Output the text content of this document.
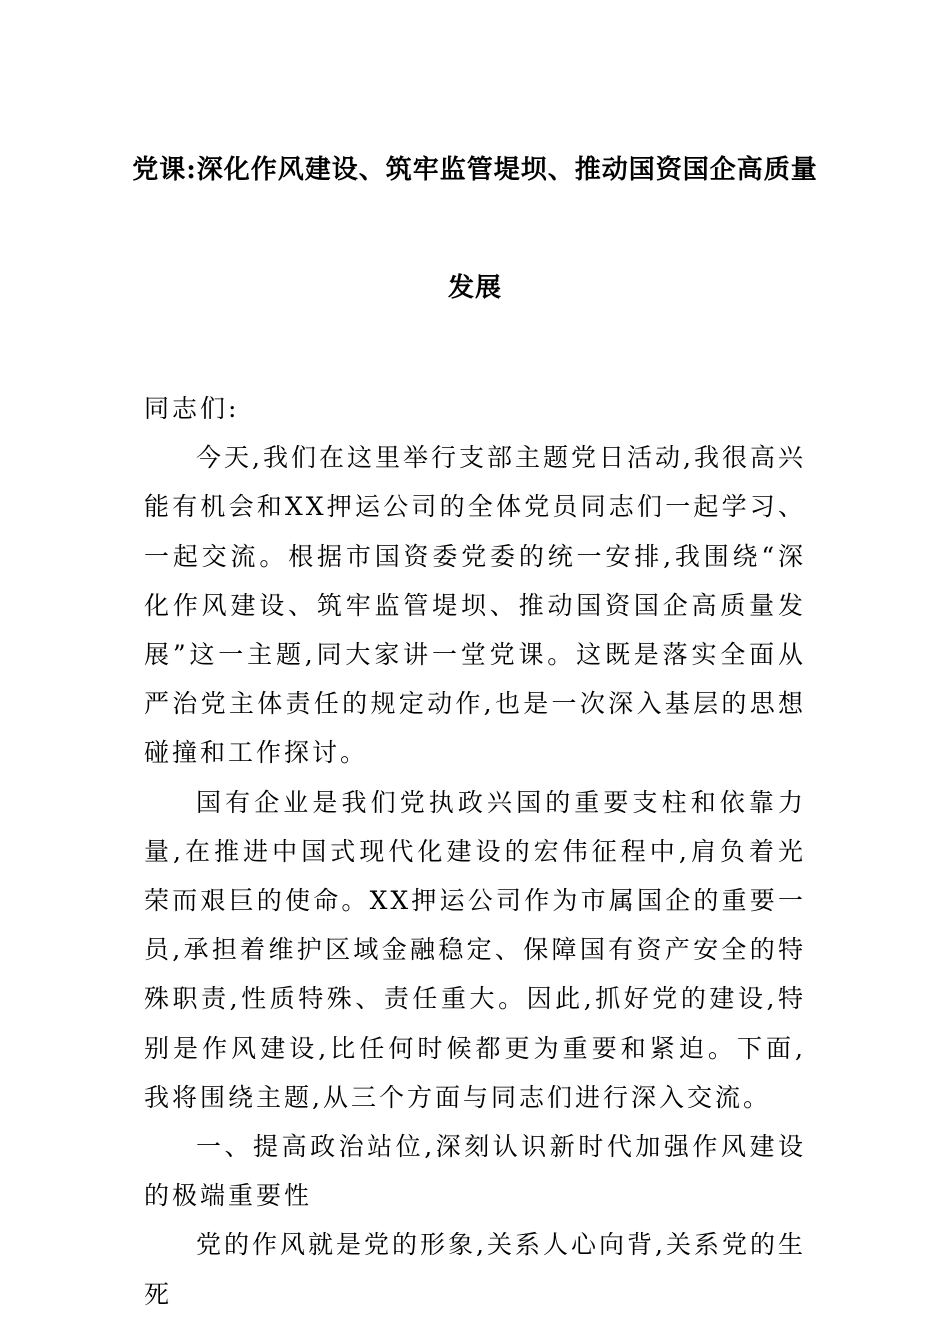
党课:深化作风建设、筑牢监管堤坝、推动国资国企高质量
发展

同志们:

今天,我们在这里举行支部主题党日活动,我很高兴能有机会和XX押运公司的全体党员同志们一起学习、一起交流。根据市国资委党委的统一安排,我围绕“深化作风建设、筑牢监管堤坝、推动国资国企高质量发展”这一主题,同大家讲一堂党课。这既是落实全面从严治党主体责任的规定动作,也是一次深入基层的思想碰撞和工作探讨。

国有企业是我们党执政兴国的重要支柱和依靠力量,在推进中国式现代化建设的宏伟征程中,肩负着光荣而艰巨的使命。XX押运公司作为市属国企的重要一员,承担着维护区域金融稳定、保障国有资产安全的特殊职责,性质特殊、责任重大。因此,抓好党的建设,特别是作风建设,比任何时候都更为重要和紧迫。下面,我将围绕主题,从三个方面与同志们进行深入交流。

一、提高政治站位,深刻认识新时代加强作风建设的极端重要性

党的作风就是党的形象,关系人心向背,关系党的生死
